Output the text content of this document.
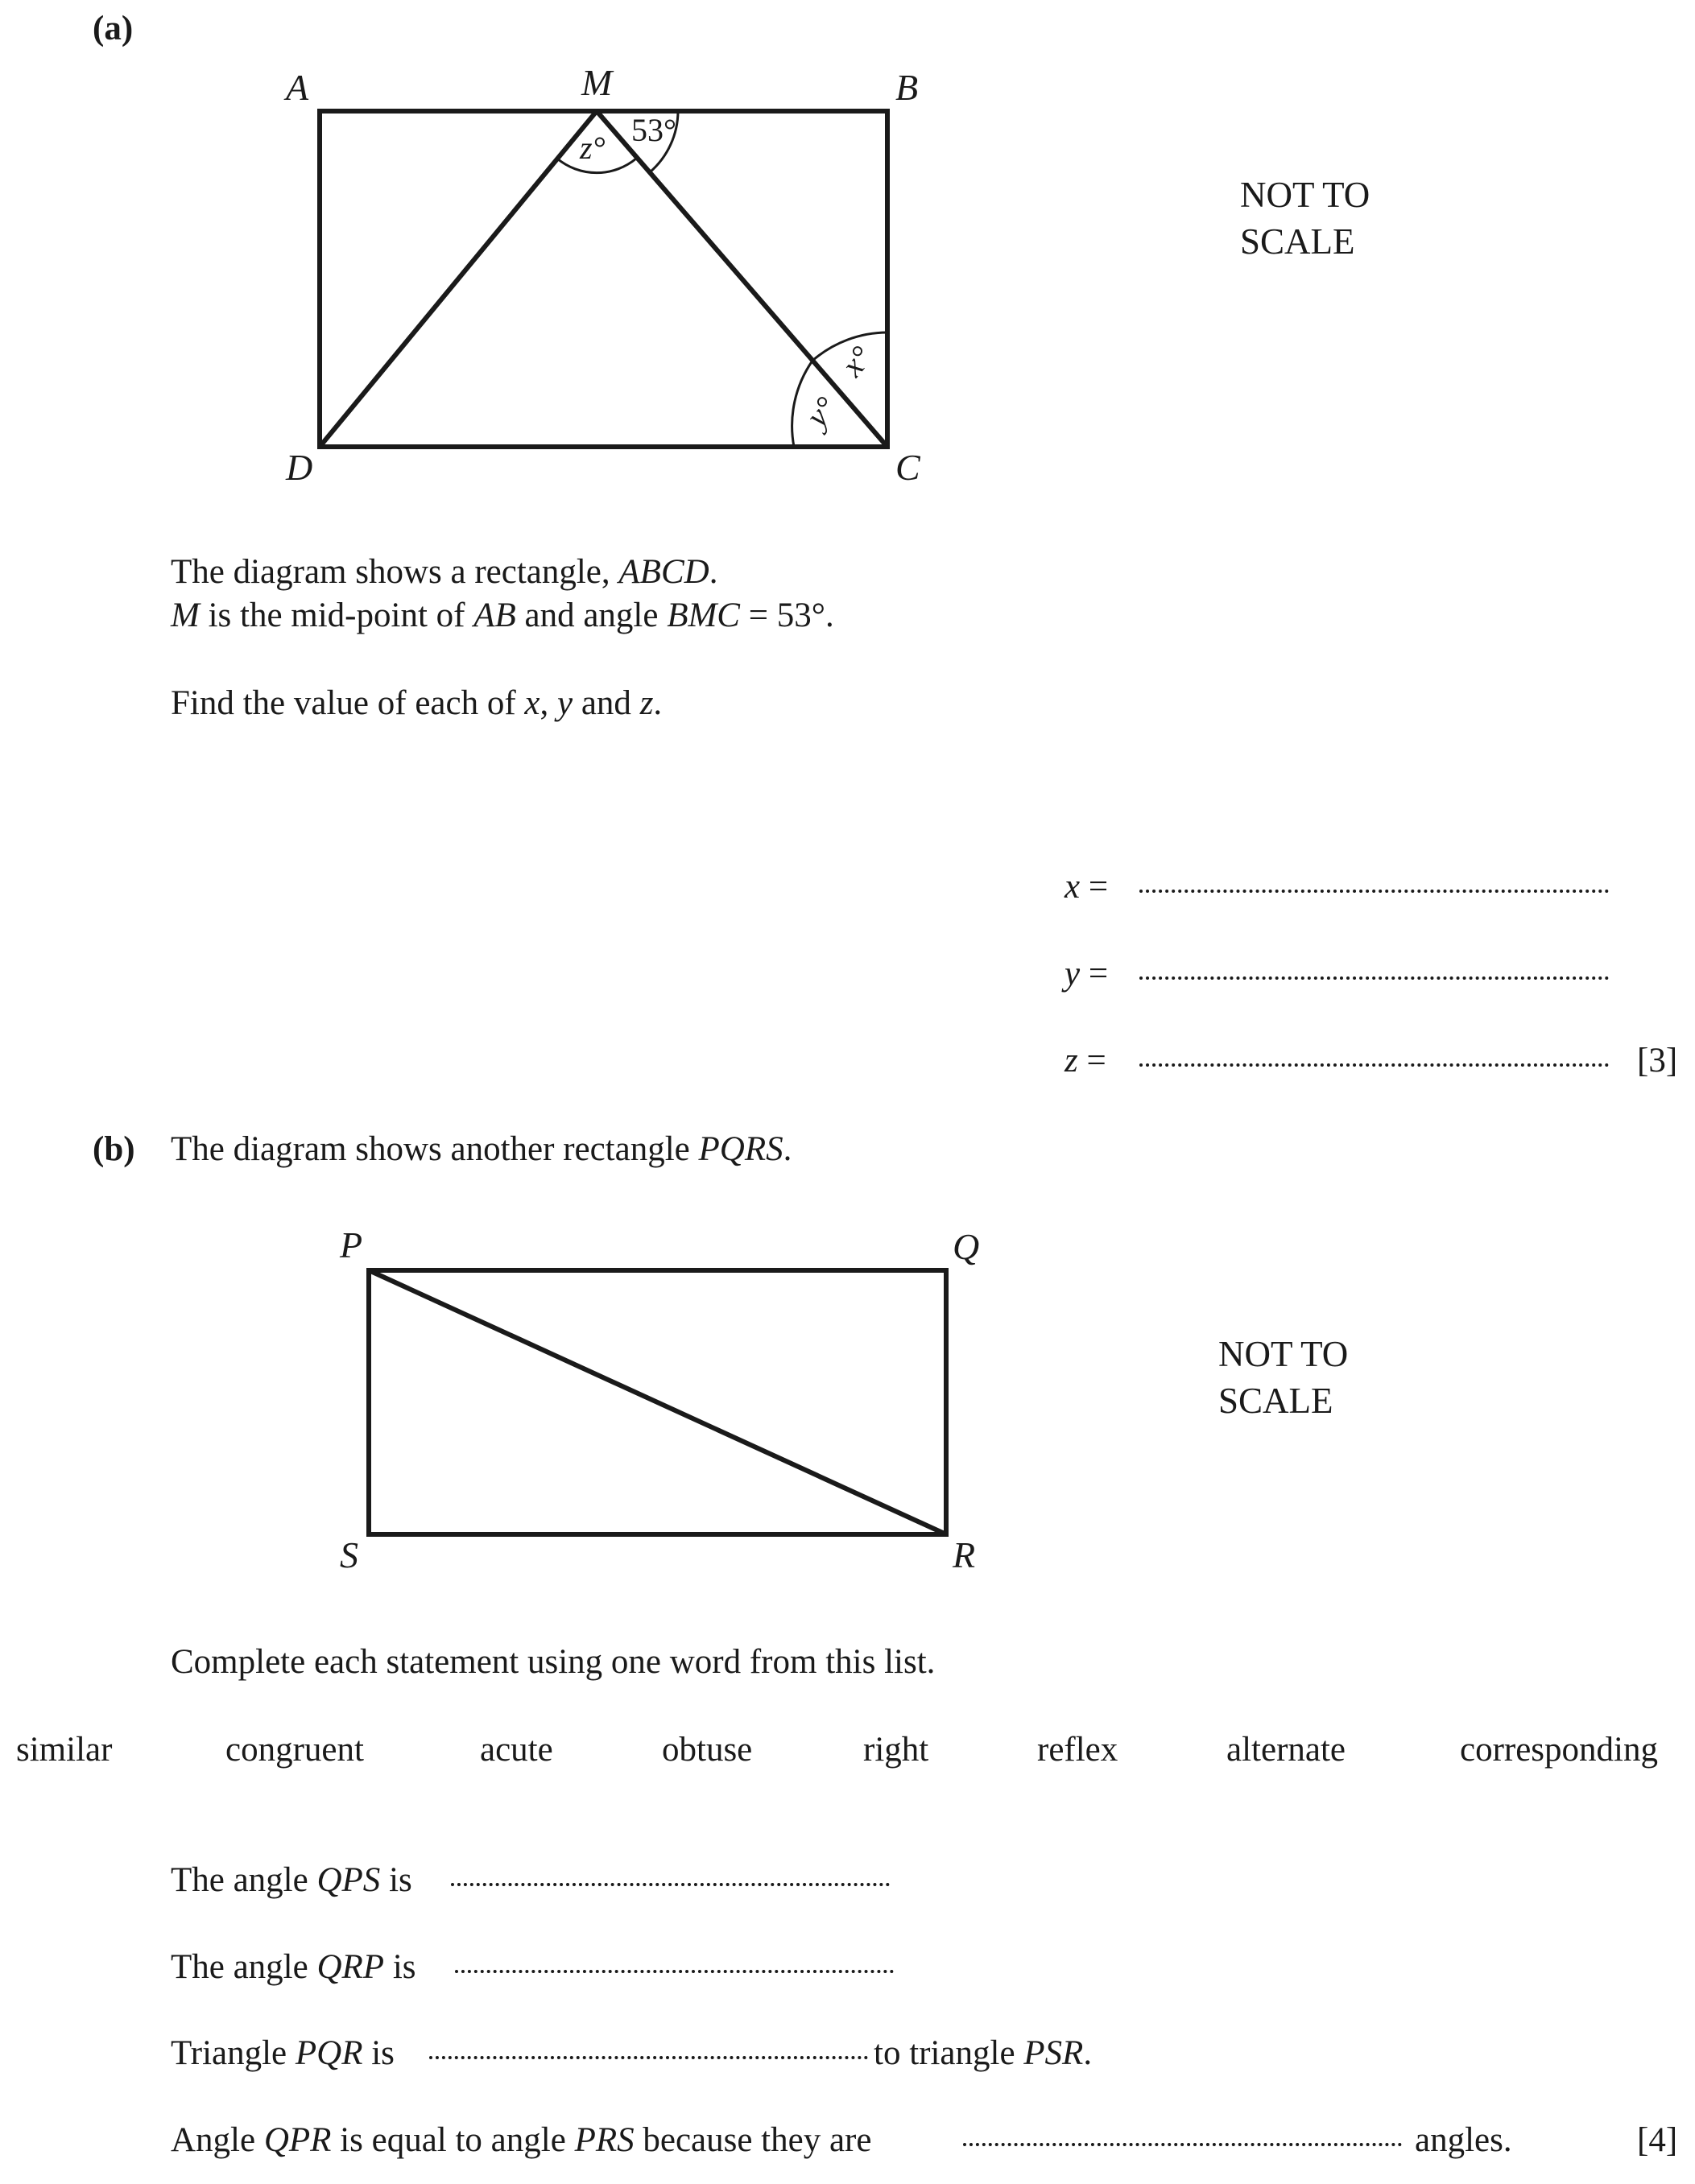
(a)
A	M	B
C
D
z° 53°
x°
y°
NOT TO
SCALE
The diagram shows a rectangle, ABCD.
M is the mid-point of AB and angle BMC = 53°.
Find the value of each of x, y and z.
x =
y =
z =	[3]
(b) The diagram shows another rectangle PQRS.
P	Q
R
S
NOT TO
SCALE
Complete each statement using one word from this list.
similar	congruent	acute	obtuse	right	reflex	alternate	corresponding
The angle QPS is
The angle QRP is
Triangle PQR is	to triangle PSR.
Angle QPR is equal to angle PRS because they are	angles.	[4]
